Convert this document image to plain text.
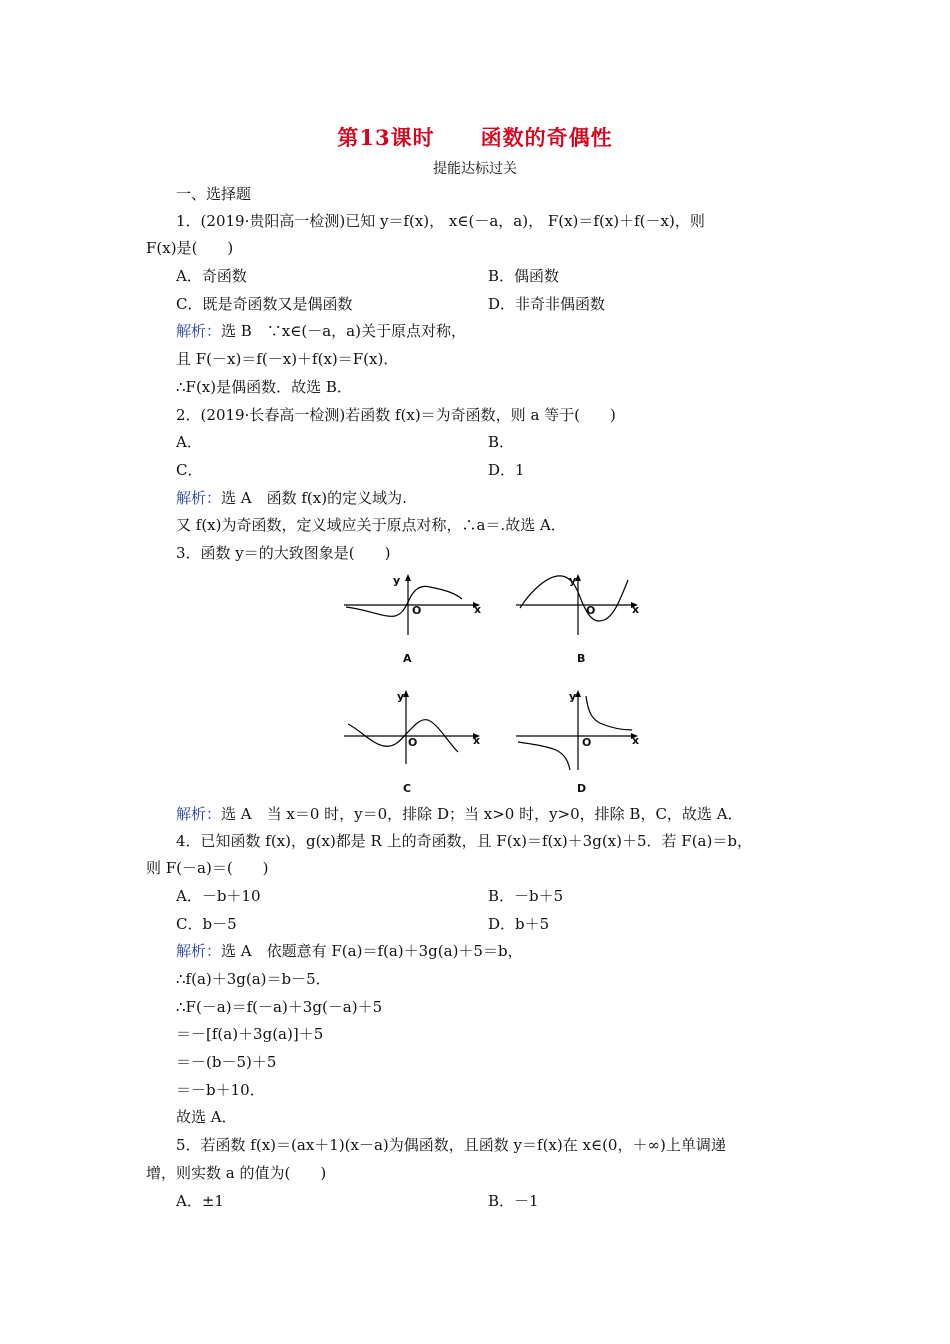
第13课时 函数的奇偶性
提能达标过关
一、选择题
1．(2019·贵阳高一检测)已知 y＝f(x)， x∈(－a，a)， F(x)＝f(x)＋f(－x)，则
F(x)是(　　)
A．奇函数	B．偶函数
C．既是奇函数又是偶函数	D．非奇非偶函数
解析：选 B　∵x∈(－a，a)关于原点对称，
且 F(－x)＝f(－x)＋f(x)＝F(x)．
∴F(x)是偶函数．故选 B．
2．(2019·长春高一检测)若函数 f(x)＝为奇函数，则 a 等于(　　)
A．	B．
C．	D．1
解析：选 A　函数 f(x)的定义域为.
又 f(x)为奇函数，定义域应关于原点对称，∴a＝.故选 A．
3．函数 y＝的大致图象是(　　)
y
O	x
A
y
O	x
B
y
O	x
C
y
O	x
D
解析：选 A　当 x＝0 时，y＝0，排除 D；当 x>0 时，y>0，排除 B，C，故选 A．
4．已知函数 f(x)，g(x)都是 R 上的奇函数，且 F(x)＝f(x)＋3g(x)＋5．若 F(a)＝b，
则 F(－a)＝(　　)
A．－b＋10	B．－b＋5
C．b－5	D．b＋5
解析：选 A　依题意有 F(a)＝f(a)＋3g(a)＋5＝b，
∴f(a)＋3g(a)＝b－5．
∴F(－a)＝f(－a)＋3g(－a)＋5
＝－[f(a)＋3g(a)]＋5
＝－(b－5)＋5
＝－b＋10．
故选 A．
5．若函数 f(x)＝(ax＋1)(x－a)为偶函数，且函数 y＝f(x)在 x∈(0，＋∞)上单调递
增，则实数 a 的值为(　　)
A．±1	B．－1
